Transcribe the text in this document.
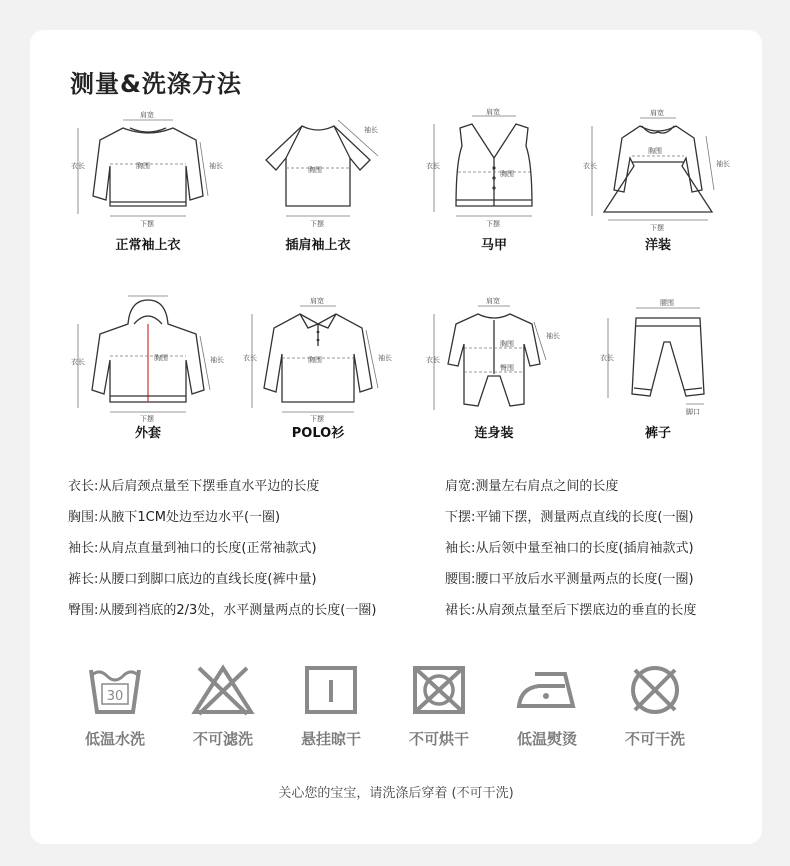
测量&洗涤方法
肩宽
胸围
衣长	袖长
下摆
正常袖上衣
胸围
袖长
下摆
插肩袖上衣
肩宽
胸围
衣长
下摆
马甲
肩宽
胸围
衣长	袖长
下摆
洋装
胸围
衣长	袖长
下摆
外套
肩宽
胸围
衣长	袖长
下摆
POLO衫
肩宽
胸围
衣长
袖长
臀围
连身装
腰围
衣长
脚口
裤子
衣长:从后肩颈点量至下摆垂直水平边的长度
胸围:从腋下1CM处边至边水平(一圈)
袖长:从肩点直量到袖口的长度(正常袖款式)
裤长:从腰口到脚口底边的直线长度(裤中量)
臀围:从腰到裆底的2/3处，水平测量两点的长度(一圈)
肩宽:测量左右肩点之间的长度
下摆:平铺下摆，测量两点直线的长度(一圈)
袖长:从后领中量至袖口的长度(插肩袖款式)
腰围:腰口平放后水平测量两点的长度(一圈)
裙长:从肩颈点量至后下摆底边的垂直的长度
30
低温水洗	不可滤洗	悬挂晾干	不可烘干	低温熨烫	不可干洗
关心您的宝宝，请洗涤后穿着 (不可干洗)
